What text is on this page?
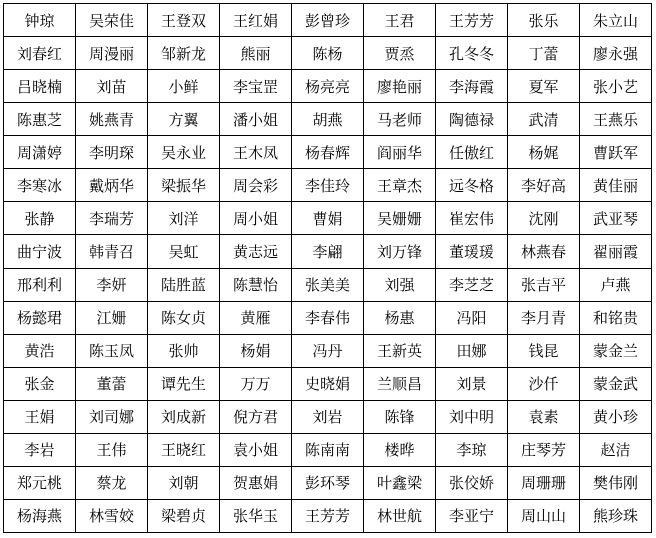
钟琼	吴荣佳	王登双	王红娟	彭曾珍	王君	王芳芳	张乐	朱立山
刘春红	周漫丽	邹新龙	熊丽	陈杨	贾烝	孔冬冬	丁蕾	廖永强
吕晓楠	刘苗	小鲜	李宝罡	杨亮亮	廖艳丽	李海霞	夏军	张小艺
陈惠芝	姚燕青	方翼	潘小姐	胡燕	马老师	陶德禄	武清	王燕乐
周潇婷	李明琛	吴永业	王木凤	杨春辉	阎丽华	任傲红	杨娓	曹跃军
李寒冰	戴炳华	梁振华	周会彩	李佳玲	王章杰	远冬格	李好高	黄佳丽
张静	李瑞芳	刘洋	周小姐	曹娟	吴姗姗	崔宏伟	沈刚	武亚琴
曲宁波	韩青召	吴虹	黄志远	李翩	刘万锋	董瑗瑗	林燕春	翟丽霞
邢利利	李妍	陆胜蓝	陈慧怡	张美美	刘强	李芝芝	张吉平	卢燕
杨懿珺	江姗	陈女贞	黄雁	李春伟	杨惠	冯阳	李月青	和铭贵
黄浩	陈玉凤	张帅	杨娟	冯丹	王新英	田娜	钱昆	蒙金兰
张金	董蕾	谭先生	万万	史晓娟	兰顺昌	刘景	沙仟	蒙金武
王娟	刘司娜	刘成新	倪方君	刘岩	陈锋	刘中明	袁素	黄小珍
李岩	王伟	王晓红	袁小姐	陈南南	楼晔	李琼	庄琴芳	赵洁
郑元桃	蔡龙	刘朝	贺惠娟	彭环琴	叶鑫梁	张佼娇	周珊珊	樊伟刚
杨海燕	林雪姣	梁碧贞	张华玉	王芳芳	林世航	李亚宁	周山山	熊珍珠
